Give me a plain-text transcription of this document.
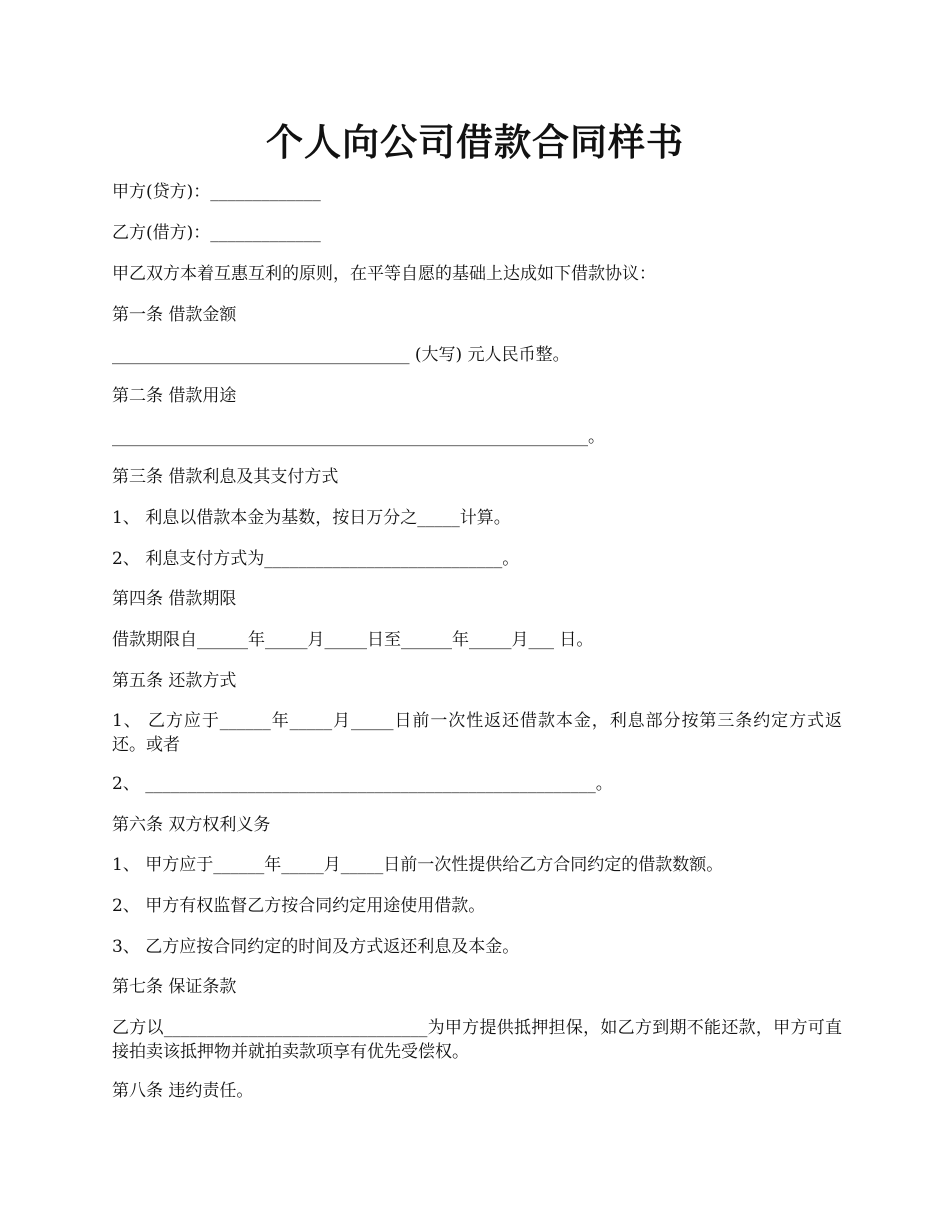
个人向公司借款合同样书
甲方(贷方)：_____________
乙方(借方)：_____________
甲乙双方本着互惠互利的原则，在平等自愿的基础上达成如下借款协议：
第一条 借款金额
___________________________________ (大写) 元人民币整。
第二条 借款用途
________________________________________________________。
第三条 借款利息及其支付方式
1、 利息以借款本金为基数，按日万分之_____计算。
2、 利息支付方式为____________________________。
第四条 借款期限
借款期限自______年_____月_____日至______年_____月___ 日。
第五条 还款方式
1、 乙方应于______年_____月_____日前一次性返还借款本金，利息部分按第三条约定方式返还。或者
2、 _____________________________________________________。
第六条 双方权利义务
1、 甲方应于______年_____月_____日前一次性提供给乙方合同约定的借款数额。
2、 甲方有权监督乙方按合同约定用途使用借款。
3、 乙方应按合同约定的时间及方式返还利息及本金。
第七条 保证条款
乙方以_______________________________为甲方提供抵押担保，如乙方到期不能还款，甲方可直接拍卖该抵押物并就拍卖款项享有优先受偿权。
第八条 违约责任。
